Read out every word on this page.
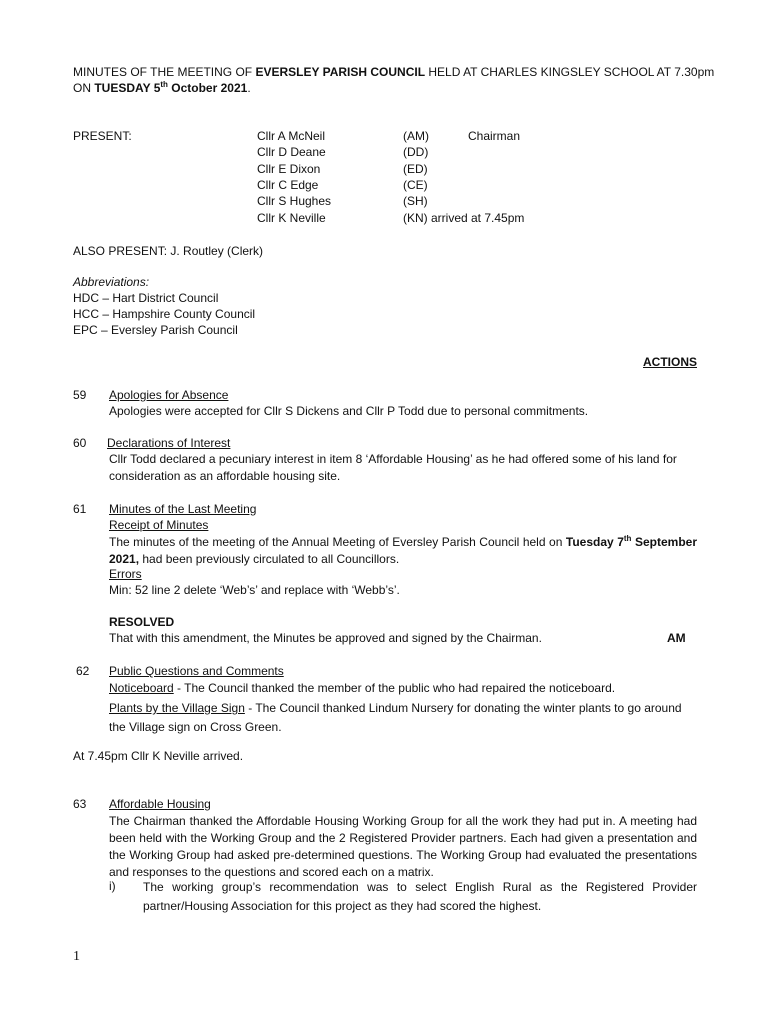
MINUTES OF THE MEETING OF EVERSLEY PARISH COUNCIL HELD AT CHARLES KINGSLEY SCHOOL AT 7.30pm
ON TUESDAY 5th October 2021.
PRESENT:	Cllr A McNeil	(AM)	Chairman
Cllr D Deane	(DD)
Cllr E Dixon	(ED)
Cllr C Edge	(CE)
Cllr S Hughes	(SH)
Cllr K Neville	(KN) arrived at 7.45pm
ALSO PRESENT: J. Routley (Clerk)
Abbreviations:
HDC – Hart District Council
HCC – Hampshire County Council
EPC – Eversley Parish Council
ACTIONS
59 Apologies for Absence
Apologies were accepted for Cllr S Dickens and Cllr P Todd due to personal commitments.
60 Declarations of Interest
Cllr Todd declared a pecuniary interest in item 8 ‘Affordable Housing’ as he had offered some of his land for consideration as an affordable housing site.
61 Minutes of the Last Meeting
Receipt of Minutes
The minutes of the meeting of the Annual Meeting of Eversley Parish Council held on Tuesday 7th September 2021, had been previously circulated to all Councillors.
Errors
Min: 52 line 2 delete ‘Web’s’ and replace with ‘Webb’s’.
RESOLVED
That with this amendment, the Minutes be approved and signed by the Chairman.	AM
62 Public Questions and Comments
Noticeboard - The Council thanked the member of the public who had repaired the noticeboard.
Plants by the Village Sign - The Council thanked Lindum Nursery for donating the winter plants to go around the Village sign on Cross Green.
At 7.45pm Cllr K Neville arrived.
63 Affordable Housing
The Chairman thanked the Affordable Housing Working Group for all the work they had put in. A meeting had been held with the Working Group and the 2 Registered Provider partners. Each had given a presentation and the Working Group had asked pre-determined questions. The Working Group had evaluated the presentations and responses to the questions and scored each on a matrix.
i) The working group’s recommendation was to select English Rural as the Registered Provider partner/Housing Association for this project as they had scored the highest.
1
